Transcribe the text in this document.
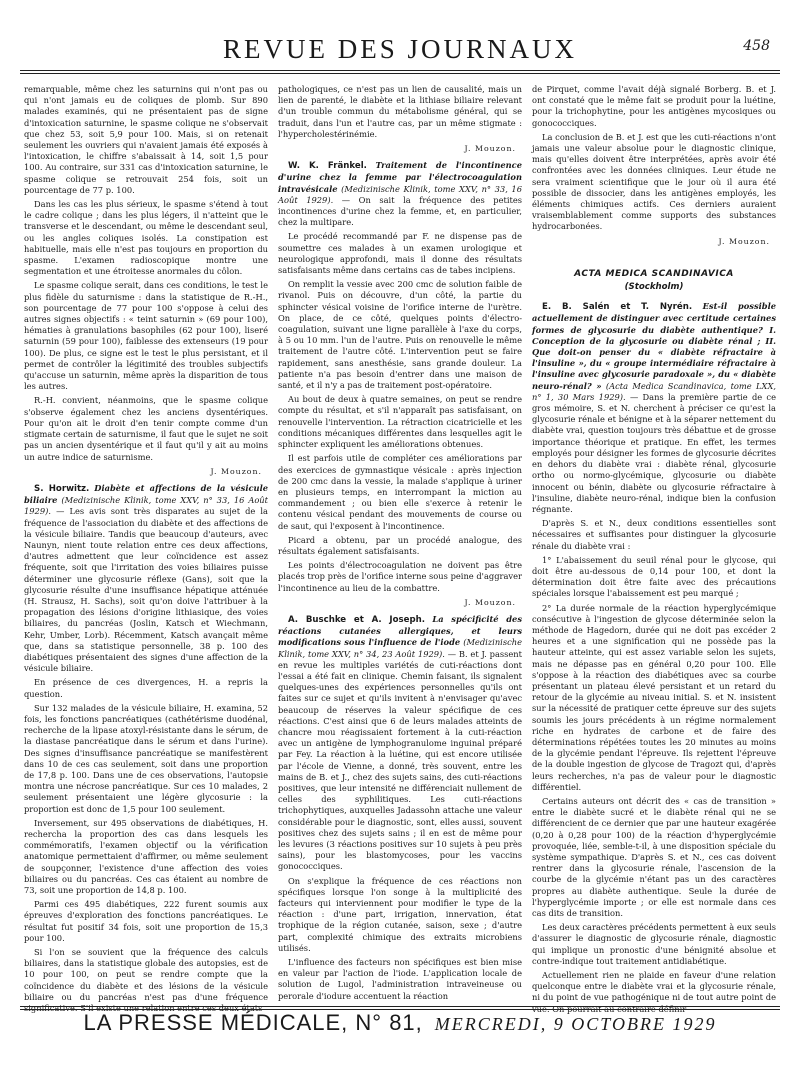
REVUE DES JOURNAUX	458

remarquable, même chez les saturnins qui n'ont pas ou qui n'ont jamais eu de coliques de plomb. Sur 890 malades examinés, qui ne présentaient pas de signe d'intoxication saturnine, le spasme colique ne s'observait que chez 53, soit 5,9 pour 100. Mais, si on retenait seulement les ouvriers qui n'avaient jamais été exposés à l'intoxication, le chiffre s'abaissait à 14, soit 1,5 pour 100. Au contraire, sur 331 cas d'intoxication saturnine, le spasme colique se retrouvait 254 fois, soit un pourcentage de 77 p. 100.

Dans les cas les plus sérieux, le spasme s'étend à tout le cadre colique ; dans les plus légers, il n'atteint que le transverse et le descendant, ou même le descendant seul, ou les angles coliques isolés. La constipation est habituelle, mais elle n'est pas toujours en proportion du spasme. L'examen radioscopique montre une segmentation et une étroitesse anormales du côlon.

Le spasme colique serait, dans ces conditions, le test le plus fidèle du saturnisme : dans la statistique de R.-H., son pourcentage de 77 pour 100 s'oppose à celui des autres signes objectifs : « teint saturnin » (69 pour 100), hématies à granulations basophiles (62 pour 100), liseré saturnin (59 pour 100), faiblesse des extenseurs (19 pour 100). De plus, ce signe est le test le plus persistant, et il permet de contrôler la légitimité des troubles subjectifs qu'accuse un saturnin, même après la disparition de tous les autres.

R.-H. convient, néanmoins, que le spasme colique s'observe également chez les anciens dysentériques. Pour qu'on ait le droit d'en tenir compte comme d'un stigmate certain de saturnisme, il faut que le sujet ne soit pas un ancien dysentérique et il faut qu'il y ait au moins un autre indice de saturnisme.

J. Mouzon.

S. Horwitz. Diabète et affections de la vésicule biliaire (Medizinische Klinik, tome XXV, n° 33, 16 Août 1929). — Les avis sont très disparates au sujet de la fréquence de l'association du diabète et des affections de la vésicule biliaire. Tandis que beaucoup d'auteurs, avec Naunyn, nient toute relation entre ces deux affections, d'autres admettent que leur coïncidence est assez fréquente, soit que l'irritation des voies biliaires puisse déterminer une glycosurie réflexe (Gans), soit que la glycosurie résulte d'une insuffisance hépatique atténuée (H. Strausz, H. Sachs), soit qu'on doive l'attribuer à la propagation des lésions d'origine lithiasique, des voies biliaires, du pancréas (Joslin, Katsch et Wiechmann, Kehr, Umber, Lorb). Récemment, Katsch avançait même que, dans sa statistique personnelle, 38 p. 100 des diabétiques présentaient des signes d'une affection de la vésicule biliaire.

En présence de ces divergences, H. a repris la question.

Sur 132 malades de la vésicule biliaire, H. examina, 52 fois, les fonctions pancréatiques (cathétérisme duodénal, recherche de la lipase atoxyl-résistante dans le sérum, de la diastase pancréatique dans le sérum et dans l'urine). Des signes d'insuffisance pancréatique se manifestèrent dans 10 de ces cas seulement, soit dans une proportion de 17,8 p. 100. Dans une de ces observations, l'autopsie montra une nécrose pancréatique. Sur ces 10 malades, 2 seulement présentaient une légère glycosurie : la proportion est donc de 1,5 pour 100 seulement.

Inversement, sur 495 observations de diabétiques, H. rechercha la proportion des cas dans lesquels les commémoratifs, l'examen objectif ou la vérification anatomique permettaient d'affirmer, ou même seulement de soupçonner, l'existence d'une affection des voies biliaires ou du pancréas. Ces cas étaient au nombre de 73, soit une proportion de 14,8 p. 100.

Parmi ces 495 diabétiques, 222 furent soumis aux épreuves d'exploration des fonctions pancréatiques. Le résultat fut positif 34 fois, soit une proportion de 15,3 pour 100.

Si l'on se souvient que la fréquence des calculs biliaires, dans la statistique globale des autopsies, est de 10 pour 100, on peut se rendre compte que la coïncidence du diabète et des lésions de la vésicule biliaire ou du pancréas n'est pas d'une fréquence significative. S'il existe une relation entre ces deux états

pathologiques, ce n'est pas un lien de causalité, mais un lien de parenté, le diabète et la lithiase biliaire relevant d'un trouble commun du métabolisme général, qui se traduit, dans l'un et l'autre cas, par un même stigmate : l'hypercholestérinémie.

J. Mouzon.

W. K. Fränkel. Traitement de l'incontinence d'urine chez la femme par l'électrocoagulation intravésicale (Medizinische Klinik, tome XXV, n° 33, 16 Août 1929). — On sait la fréquence des petites incontinences d'urine chez la femme, et, en particulier, chez la multipare.

Le procédé recommandé par F. ne dispense pas de soumettre ces malades à un examen urologique et neurologique approfondi, mais il donne des résultats satisfaisants même dans certains cas de tabes incipiens.

On remplit la vessie avec 200 cmc de solution faible de rivanol. Puis on découvre, d'un côté, la partie du sphincter vésical voisine de l'orifice interne de l'urètre. On place, de ce côté, quelques points d'électro-coagulation, suivant une ligne parallèle à l'axe du corps, à 5 ou 10 mm. l'un de l'autre. Puis on renouvelle le même traitement de l'autre côté. L'intervention peut se faire rapidement, sans anesthésie, sans grande douleur. La patiente n'a pas besoin d'entrer dans une maison de santé, et il n'y a pas de traitement post-opératoire.

Au bout de deux à quatre semaines, on peut se rendre compte du résultat, et s'il n'apparaît pas satisfaisant, on renouvelle l'intervention. La rétraction cicatricielle et les conditions mécaniques différentes dans lesquelles agit le sphincter expliquent les améliorations obtenues.

Il est parfois utile de compléter ces améliorations par des exercices de gymnastique vésicale : après injection de 200 cmc dans la vessie, la malade s'applique à uriner en plusieurs temps, en interrompant la miction au commandement ; ou bien elle s'exerce à retenir le contenu vésical pendant des mouvements de course ou de saut, qui l'exposent à l'incontinence.

Picard a obtenu, par un procédé analogue, des résultats également satisfaisants.

Les points d'électrocoagulation ne doivent pas être placés trop près de l'orifice interne sous peine d'aggraver l'incontinence au lieu de la combattre.

J. Mouzon.

A. Buschke et A. Joseph. La spécificité des réactions cutanées allergiques, et leurs modifications sous l'influence de l'iode (Medizinische Klinik, tome XXV, n° 34, 23 Août 1929). — B. et J. passent en revue les multiples variétés de cuti-réactions dont l'essai a été fait en clinique. Chemin faisant, ils signalent quelques-unes des expériences personnelles qu'ils ont faites sur ce sujet et qu'ils invitent à n'envisager qu'avec beaucoup de réserves la valeur spécifique de ces réactions. C'est ainsi que 6 de leurs malades atteints de chancre mou réagissaient fortement à la cuti-réaction avec un antigène de lymphogranulome inguinal préparé par Fey. La réaction à la luétine, qui est encore utilisée par l'école de Vienne, a donné, très souvent, entre les mains de B. et J., chez des sujets sains, des cuti-réactions positives, que leur intensité ne différenciait nullement de celles des syphilitiques. Les cuti-réactions trichophytiques, auxquelles Jadassohn attache une valeur considérable pour le diagnostic, sont, elles aussi, souvent positives chez des sujets sains ; il en est de même pour les levures (3 réactions positives sur 10 sujets à peu près sains), pour les blastomycoses, pour les vaccins gonococciques.

On s'explique la fréquence de ces réactions non spécifiques lorsque l'on songe à la multiplicité des facteurs qui interviennent pour modifier le type de la réaction : d'une part, irrigation, innervation, état trophique de la région cutanée, saison, sexe ; d'autre part, complexité chimique des extraits microbiens utilisés.

L'influence des facteurs non spécifiques est bien mise en valeur par l'action de l'iode. L'application locale de solution de Lugol, l'administration intraveineuse ou perorale d'iodure accentuent la réaction

de Pirquet, comme l'avait déjà signalé Borberg. B. et J. ont constaté que le même fait se produit pour la luétine, pour la trichophytine, pour les antigènes mycosiques ou gonococciques.

La conclusion de B. et J. est que les cuti-réactions n'ont jamais une valeur absolue pour le diagnostic clinique, mais qu'elles doivent être interprétées, après avoir été confrontées avec les données cliniques. Leur étude ne sera vraiment scientifique que le jour où il aura été possible de dissocier, dans les antigènes employés, les éléments chimiques actifs. Ces derniers auraient vraisemblablement comme supports des substances hydrocarbonées.

J. Mouzon.
ACTA MEDICA SCANDINAVICA
(Stockholm)

E. B. Salén et T. Nyrén. Est-il possible actuellement de distinguer avec certitude certaines formes de glycosurie du diabète authentique? I. Conception de la glycosurie ou diabète rénal ; II. Que doit-on penser du « diabète réfractaire à l'insuline », du « groupe intermédiaire réfractaire à l'insuline avec glycosurie paradoxale », du « diabète neuro-rénal? » (Acta Medica Scandinavica, tome LXX, n° 1, 30 Mars 1929). — Dans la première partie de ce gros mémoire, S. et N. cherchent à préciser ce qu'est la glycosurie rénale et bénigne et à la séparer nettement du diabète vrai, question toujours très débattue et de grosse importance théorique et pratique. En effet, les termes employés pour désigner les formes de glycosurie décrites en dehors du diabète vrai : diabète rénal, glycosurie ortho ou normo-glycémique, glycosurie ou diabète innocent ou bénin, diabète ou glycosurie réfractaire à l'insuline, diabète neuro-rénal, indique bien la confusion régnante.

D'après S. et N., deux conditions essentielles sont nécessaires et suffisantes pour distinguer la glycosurie rénale du diabète vrai :

1° L'abaissement du seuil rénal pour le glycose, qui doit être au-dessous de 0,14 pour 100, et dont la détermination doit être faite avec des précautions spéciales lorsque l'abaissement est peu marqué ;

2° La durée normale de la réaction hyperglycémique consécutive à l'ingestion de glycose déterminée selon la méthode de Hagedorn, durée qui ne doit pas excéder 2 heures et a une signification qui ne possède pas la hauteur atteinte, qui est assez variable selon les sujets, mais ne dépasse pas en général 0,20 pour 100. Elle s'oppose à la réaction des diabétiques avec sa courbe présentant un plateau élevé persistant et un retard du retour de la glycémie au niveau initial. S. et N. insistent sur la nécessité de pratiquer cette épreuve sur des sujets soumis les jours précédents à un régime normalement riche en hydrates de carbone et de faire des déterminations répétées toutes les 20 minutes au moins de la glycémie pendant l'épreuve. Ils rejettent l'épreuve de la double ingestion de glycose de Tragozt qui, d'après leurs recherches, n'a pas de valeur pour le diagnostic différentiel.

Certains auteurs ont décrit des « cas de transition » entre le diabète sucré et le diabète rénal qui ne se différencient de ce dernier que par une hauteur exagérée (0,20 à 0,28 pour 100) de la réaction d'hyperglycémie provoquée, liée, semble-t-il, à une disposition spéciale du système sympathique. D'après S. et N., ces cas doivent rentrer dans la glycosurie rénale, l'ascension de la courbe de la glycémie n'étant pas un des caractères propres au diabète authentique. Seule la durée de l'hyperglycémie importe ; or elle est normale dans ces cas dits de transition.

Les deux caractères précédents permettent à eux seuls d'assurer le diagnostic de glycosurie rénale, diagnostic qui implique un pronostic d'une bénignité absolue et contre-indique tout traitement antidiabétique.

Actuellement rien ne plaide en faveur d'une relation quelconque entre le diabète vrai et la glycosurie rénale, ni du point de vue pathogénique ni de tout autre point de vue. On pourrait au contraire définir

LA PRESSE MÉDICALE, N° 81, MERCREDI, 9 OCTOBRE 1929
